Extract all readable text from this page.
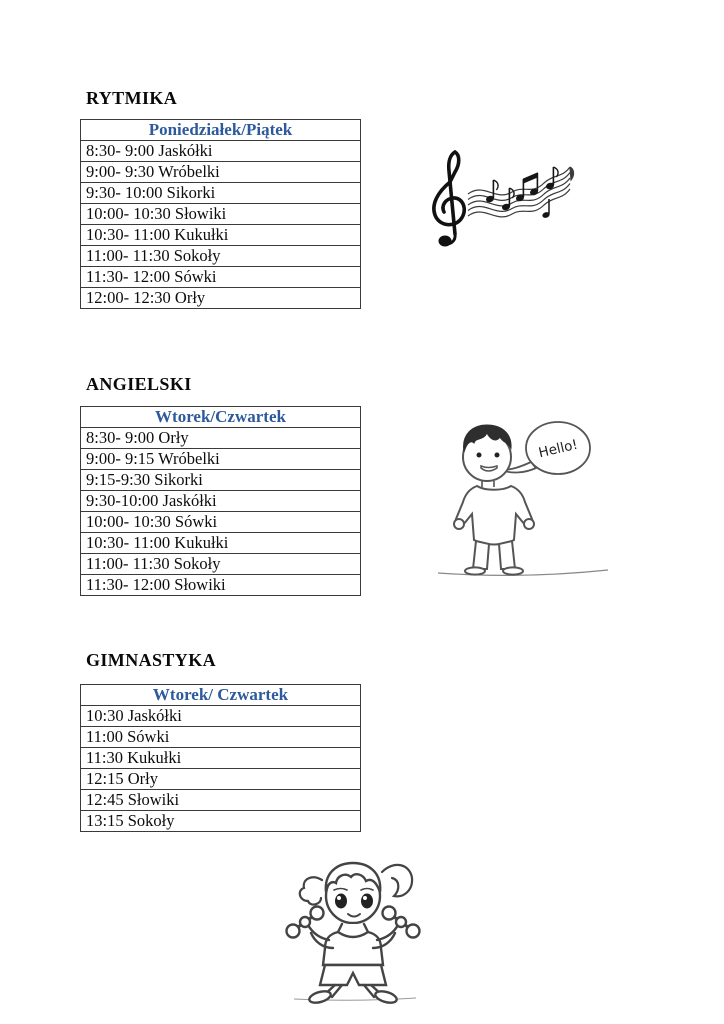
RYTMIKA
Poniedziałek/Piątek
8:30- 9:00 Jaskółki
9:00- 9:30 Wróbelki
9:30- 10:00 Sikorki
10:00- 10:30 Słowiki
10:30- 11:00 Kukułki
11:00- 11:30 Sokoły
11:30- 12:00 Sówki
12:00- 12:30 Orły
ANGIELSKI
Wtorek/Czwartek
8:30- 9:00 Orły
9:00- 9:15 Wróbelki
9:15-9:30 Sikorki
9:30-10:00 Jaskółki
10:00- 10:30 Sówki
10:30- 11:00 Kukułki
11:00- 11:30 Sokoły
11:30- 12:00 Słowiki
Hello!
GIMNASTYKA
Wtorek/ Czwartek
10:30 Jaskółki
11:00 Sówki
11:30 Kukułki
12:15 Orły
12:45 Słowiki
13:15 Sokoły
